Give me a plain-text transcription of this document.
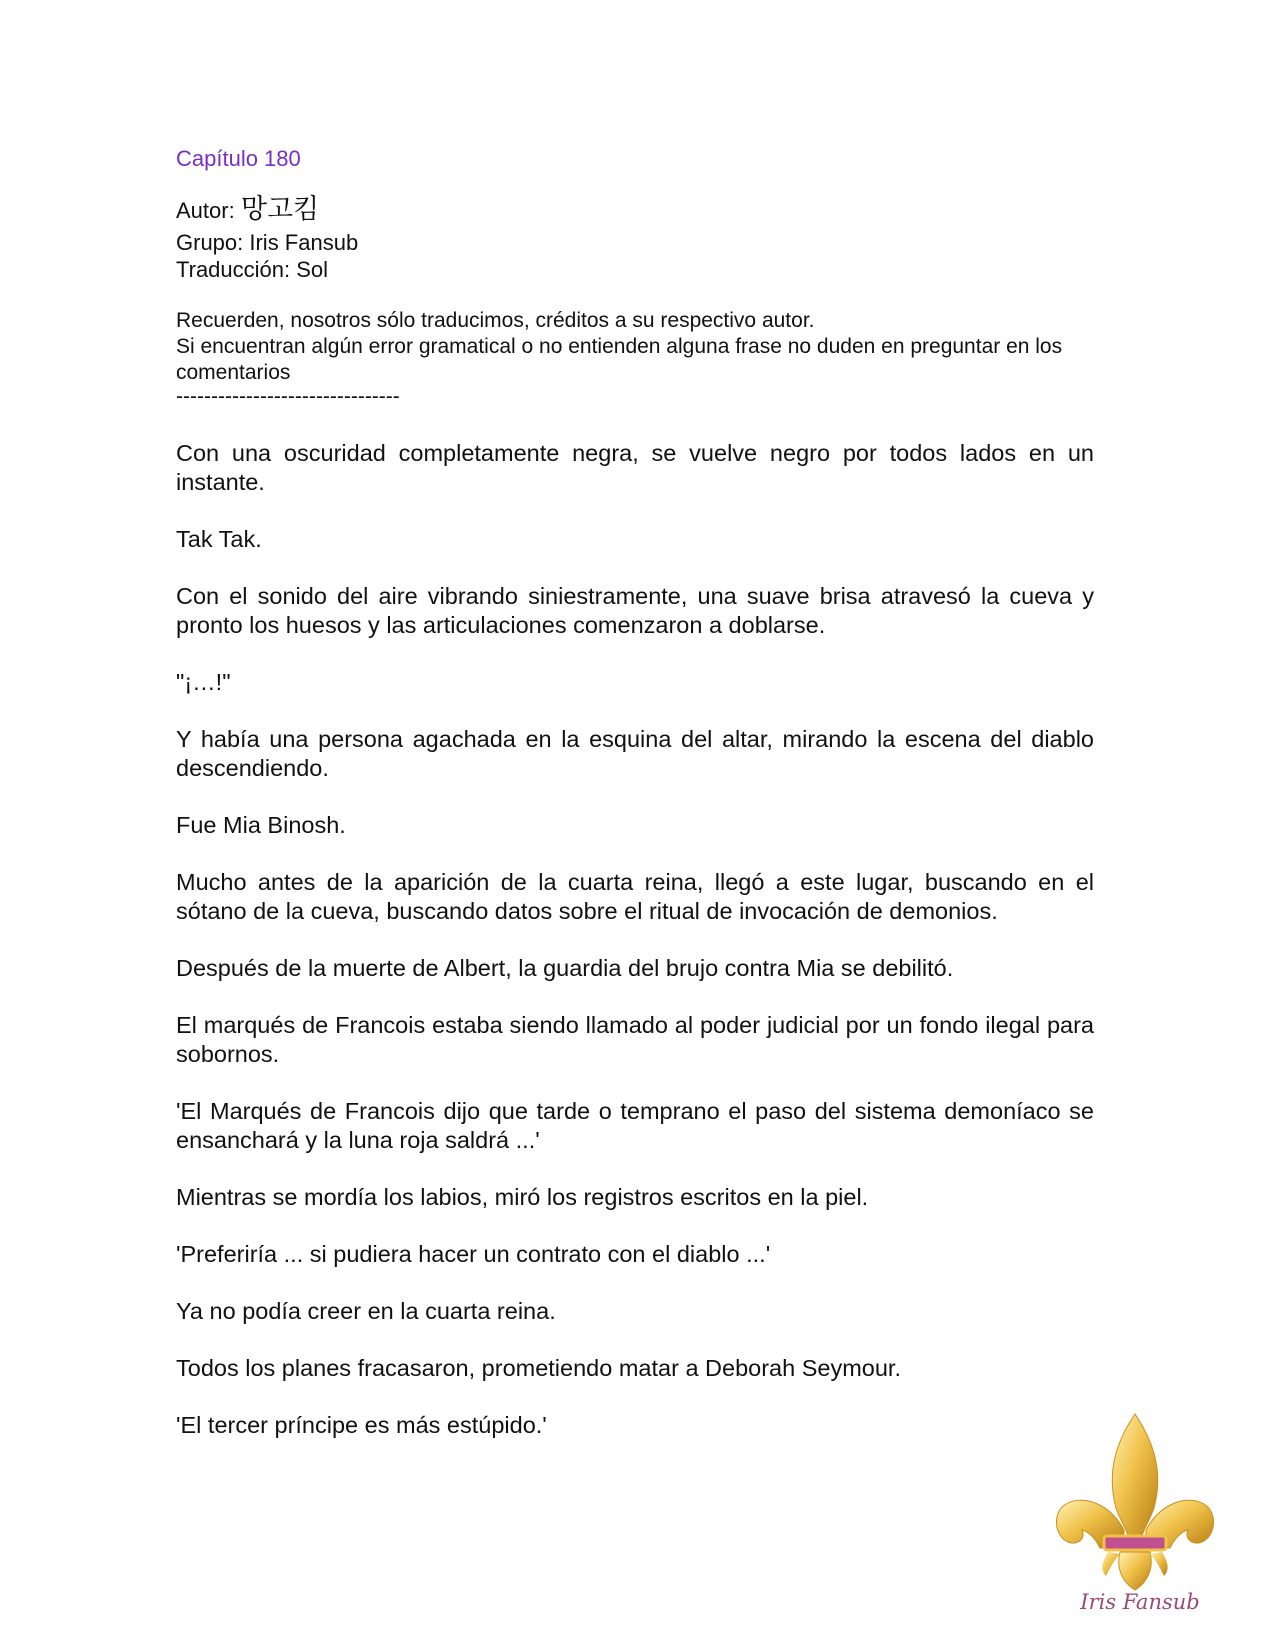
Capítulo 180

Autor: 망고킴

Grupo: Iris Fansub

Traducción: Sol

Recuerden, nosotros sólo traducimos, créditos a su respectivo autor.

Si encuentran algún error gramatical o no entienden alguna frase no duden en preguntar en los comentarios

--------------------------------

Con una oscuridad completamente negra, se vuelve negro por todos lados en un instante.

Tak Tak.

Con el sonido del aire vibrando siniestramente, una suave brisa atravesó la cueva y pronto los huesos y las articulaciones comenzaron a doblarse.

"¡…!"

Y había una persona agachada en la esquina del altar, mirando la escena del diablo descendiendo.

Fue Mia Binosh.

Mucho antes de la aparición de la cuarta reina, llegó a este lugar, buscando en el sótano de la cueva, buscando datos sobre el ritual de invocación de demonios.

Después de la muerte de Albert, la guardia del brujo contra Mia se debilitó.

El marqués de Francois estaba siendo llamado al poder judicial por un fondo ilegal para sobornos.

'El Marqués de Francois dijo que tarde o temprano el paso del sistema demoníaco se ensanchará y la luna roja saldrá ...'

Mientras se mordía los labios, miró los registros escritos en la piel.

'Preferiría ... si pudiera hacer un contrato con el diablo ...'

Ya no podía creer en la cuarta reina.

Todos los planes fracasaron, prometiendo matar a Deborah Seymour.

'El tercer príncipe es más estúpido.'

Iris Fansub
